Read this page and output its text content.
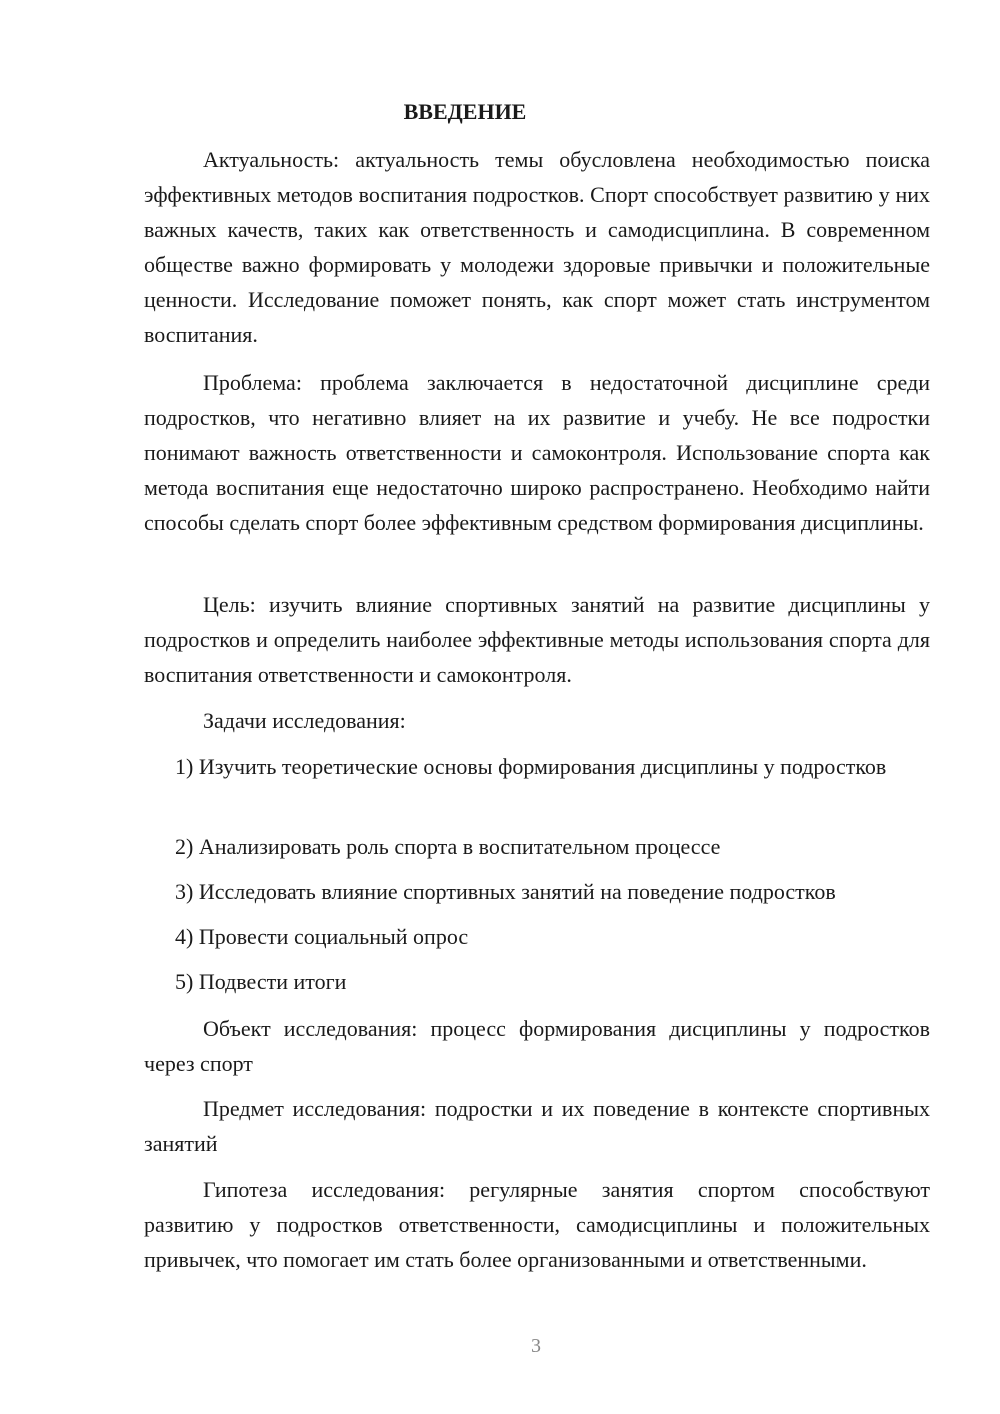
ВВЕДЕНИЕ

Актуальность: актуальность темы обусловлена необходимостью поиска эффективных методов воспитания подростков. Спорт способствует развитию у них важных качеств, таких как ответственность и самодисциплина. В современном обществе важно формировать у молодежи здоровые привычки и положительные ценности. Исследование поможет понять, как спорт может стать инструментом воспитания.

Проблема: проблема заключается в недостаточной дисциплине среди подростков, что негативно влияет на их развитие и учебу. Не все подростки понимают важность ответственности и самоконтроля. Использование спорта как метода воспитания еще недостаточно широко распространено. Необходимо найти способы сделать спорт более эффективным средством формирования дисциплины.

Цель: изучить влияние спортивных занятий на развитие дисциплины у подростков и определить наиболее эффективные методы использования спорта для воспитания ответственности и самоконтроля.

Задачи исследования:

1) Изучить теоретические основы формирования дисциплины у подростков

2) Анализировать роль спорта в воспитательном процессе

3) Исследовать влияние спортивных занятий на поведение подростков

4) Провести социальный опрос

5) Подвести итоги

Объект исследования: процесс формирования дисциплины у подростков через спорт

Предмет исследования: подростки и их поведение в контексте спортивных занятий

Гипотеза исследования: регулярные занятия спортом способствуют развитию у подростков ответственности, самодисциплины и положительных привычек, что помогает им стать более организованными и ответственными.

3
